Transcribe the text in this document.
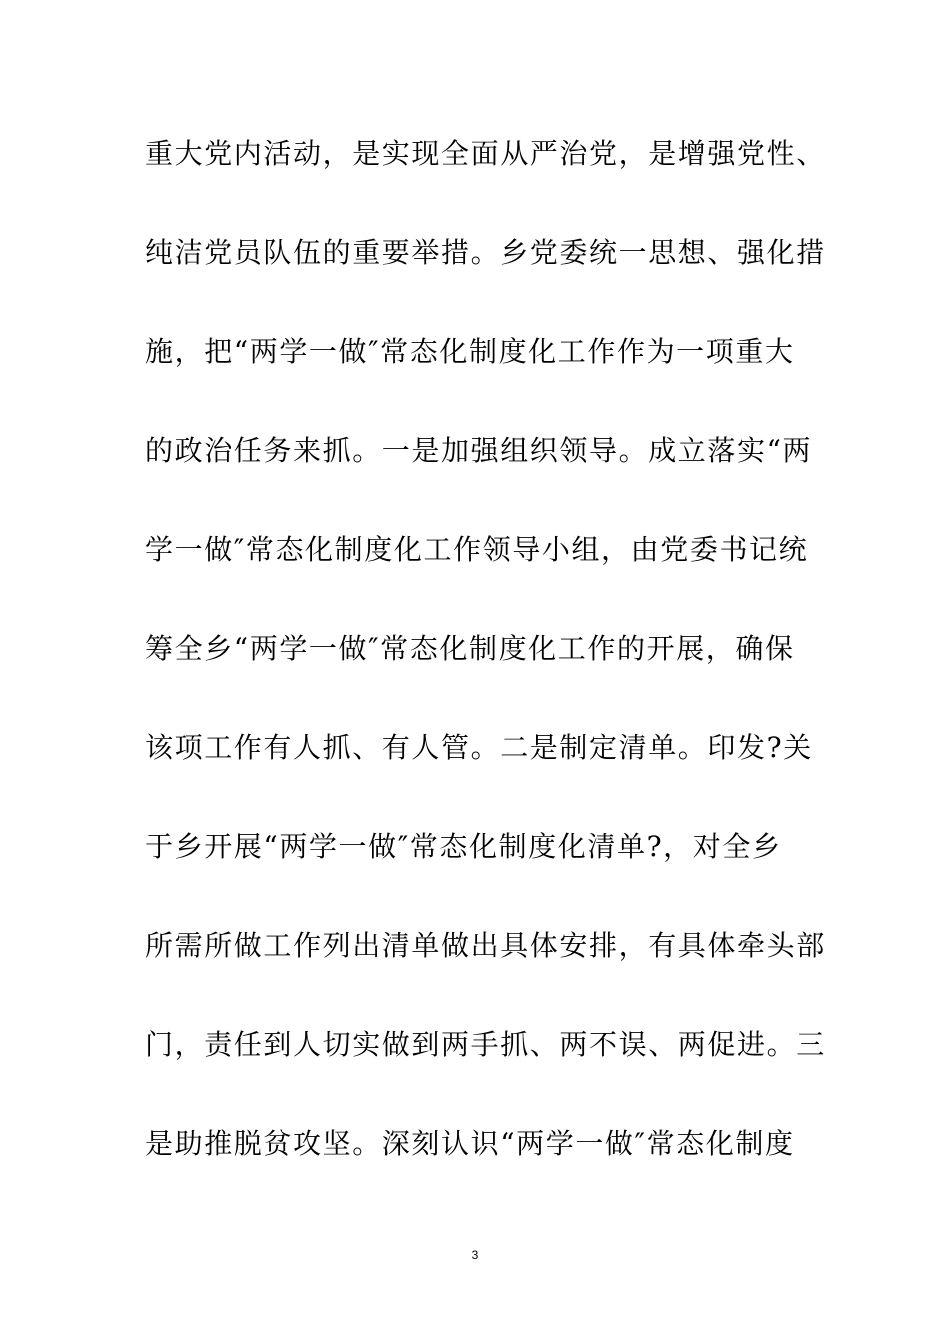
重大党内活动，是实现全面从严治党，是增强党性、
纯洁党员队伍的重要举措。乡党委统一思想、强化措
施，把“两学一做″常态化制度化工作作为一项重大
的政治任务来抓。一是加强组织领导。成立落实“两
学一做″常态化制度化工作领导小组，由党委书记统
筹全乡“两学一做″常态化制度化工作的开展，确保
该项工作有人抓、有人管。二是制定清单。印发?关
于乡开展“两学一做″常态化制度化清单?，对全乡
所需所做工作列出清单做出具体安排，有具体牵头部
门，责任到人切实做到两手抓、两不误、两促进。三
是助推脱贫攻坚。深刻认识“两学一做″常态化制度
3
